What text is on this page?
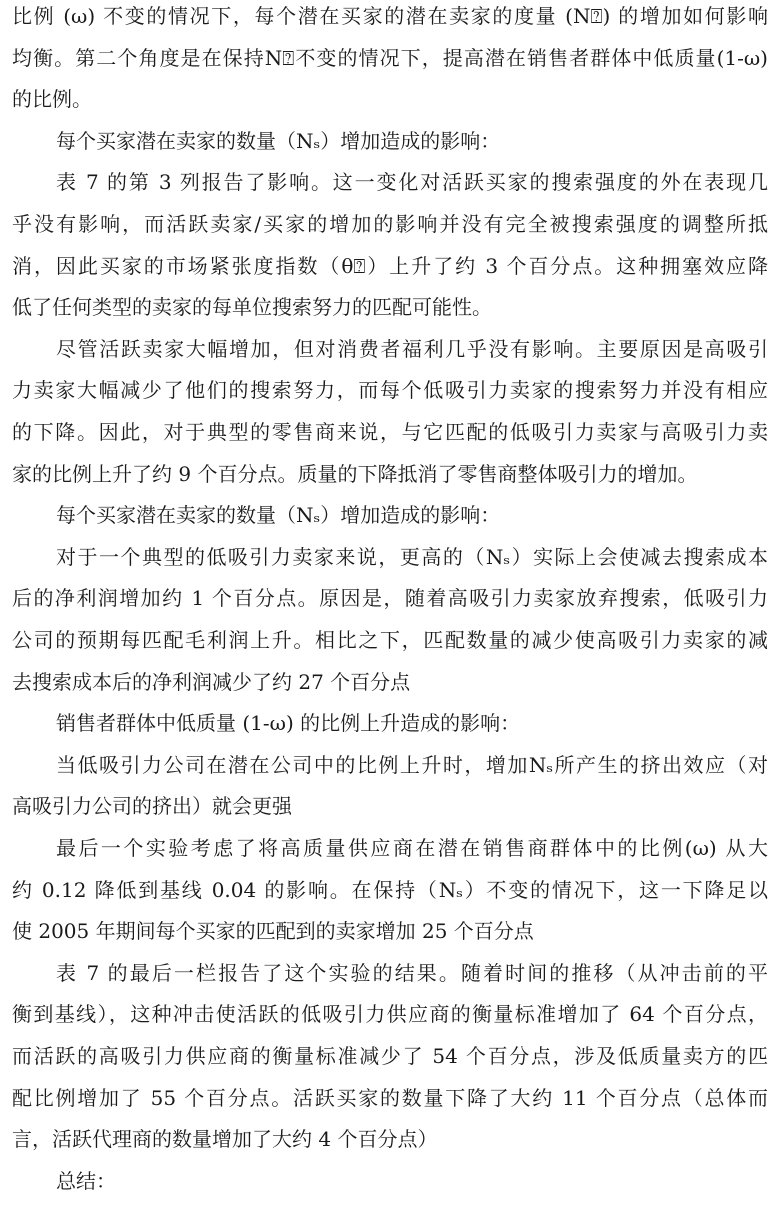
比例 (ω) 不变的情况下，每个潜在买家的潜在卖家的度量 (N⍰) 的增加如何影响
均衡。第二个角度是在保持N⍰不变的情况下，提高潜在销售者群体中低质量(1-ω)
的比例。
每个买家潜在卖家的数量（Nₛ）增加造成的影响：
表 7 的第 3 列报告了影响。这一变化对活跃买家的搜索强度的外在表现几
乎没有影响，而活跃卖家/买家的增加的影响并没有完全被搜索强度的调整所抵
消，因此买家的市场紧张度指数（θ⍰）上升了约 3 个百分点。这种拥塞效应降
低了任何类型的卖家的每单位搜索努力的匹配可能性。
尽管活跃卖家大幅增加，但对消费者福利几乎没有影响。主要原因是高吸引
力卖家大幅减少了他们的搜索努力，而每个低吸引力卖家的搜索努力并没有相应
的下降。因此，对于典型的零售商来说，与它匹配的低吸引力卖家与高吸引力卖
家的比例上升了约 9 个百分点。质量的下降抵消了零售商整体吸引力的增加。
每个买家潜在卖家的数量（Nₛ）增加造成的影响：
对于一个典型的低吸引力卖家来说，更高的（Nₛ）实际上会使减去搜索成本
后的净利润增加约 1 个百分点。原因是，随着高吸引力卖家放弃搜索，低吸引力
公司的预期每匹配毛利润上升。相比之下，匹配数量的减少使高吸引力卖家的减
去搜索成本后的净利润减少了约 27 个百分点
销售者群体中低质量 (1-ω) 的比例上升造成的影响：
当低吸引力公司在潜在公司中的比例上升时，增加Nₛ所产生的挤出效应（对
高吸引力公司的挤出）就会更强
最后一个实验考虑了将高质量供应商在潜在销售商群体中的比例(ω) 从大
约 0.12 降低到基线 0.04 的影响。在保持（Nₛ）不变的情况下，这一下降足以
使 2005 年期间每个买家的匹配到的卖家增加 25 个百分点
表 7 的最后一栏报告了这个实验的结果。随着时间的推移（从冲击前的平
衡到基线），这种冲击使活跃的低吸引力供应商的衡量标准增加了 64 个百分点，
而活跃的高吸引力供应商的衡量标准减少了 54 个百分点，涉及低质量卖方的匹
配比例增加了 55 个百分点。活跃买家的数量下降了大约 11 个百分点（总体而
言，活跃代理商的数量增加了大约 4 个百分点）
总结：
